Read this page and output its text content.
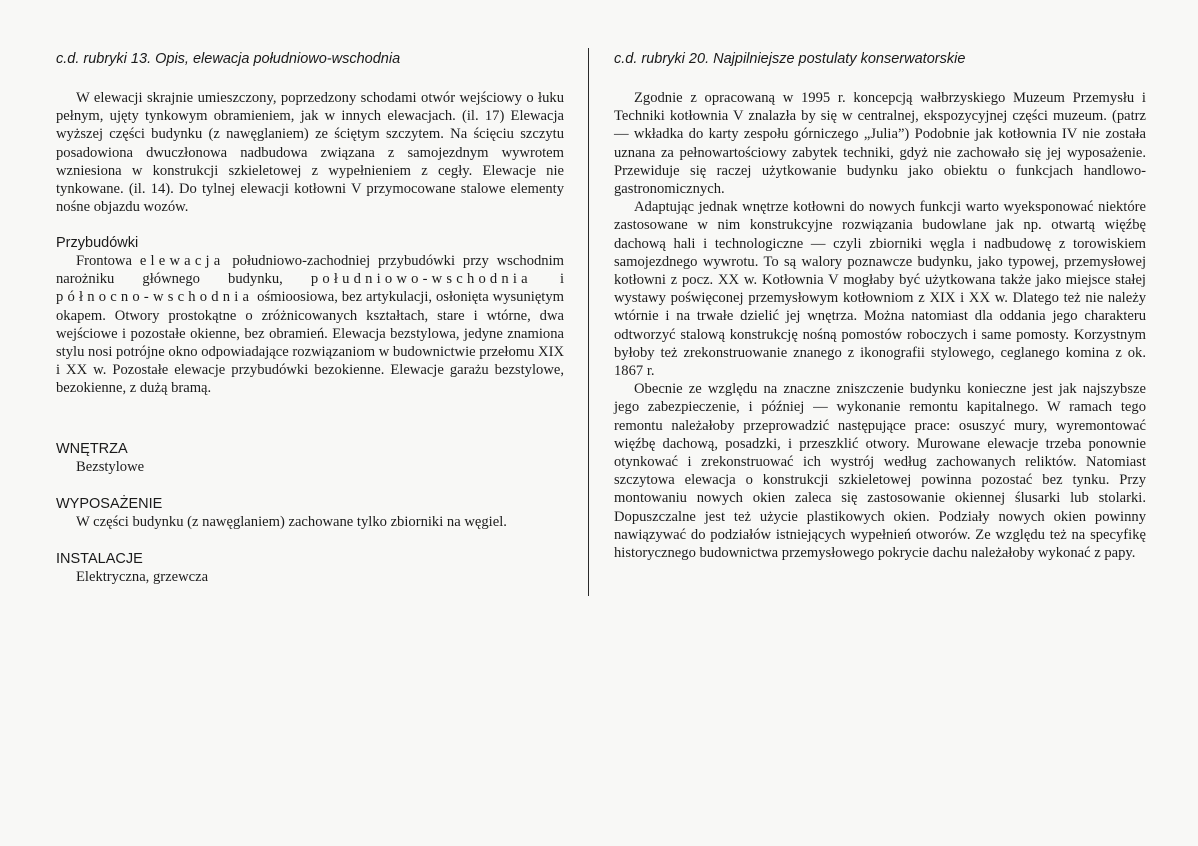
c.d. rubryki 13. Opis, elewacja południowo-wschodnia

W elewacji skrajnie umieszczony, poprzedzony schodami otwór wejściowy o łuku pełnym, ujęty tynkowym obramieniem, jak w innych elewacjach. (il. 17) Elewacja wyższej części budynku (z nawęglaniem) ze ściętym szczytem. Na ścięciu szczytu posadowiona dwuczłonowa nadbudowa związana z samojezdnym wywrotem wzniesiona w konstrukcji szkieletowej z wypełnieniem z cegły. Elewacje nie tynkowane. (il. 14). Do tylnej elewacji kotłowni V przymocowane stalowe elementy nośne objazdu wozów.

Przybudówki

Frontowa elewacja południowo-zachodniej przybudówki przy wschodnim narożniku głównego budynku, południowo-wschodnia i północno-wschodnia ośmioosiowa, bez artykulacji, osłonięta wysuniętym okapem. Otwory prostokątne o zróżnicowanych kształtach, stare i wtórne, dwa wejściowe i pozostałe okienne, bez obramień. Elewacja bezstylowa, jedyne znamiona stylu nosi potrójne okno odpowiadające rozwiązaniom w budownictwie przełomu XIX i XX w. Pozostałe elewacje przybudówki bezokienne. Elewacje garażu bezstylowe, bezokienne, z dużą bramą.

WNĘTRZA

Bezstylowe

WYPOSAŻENIE

W części budynku (z nawęglaniem) zachowane tylko zbiorniki na węgiel.

INSTALACJE

Elektryczna, grzewcza

c.d. rubryki 20. Najpilniejsze postulaty konserwatorskie

Zgodnie z opracowaną w 1995 r. koncepcją wałbrzyskiego Muzeum Przemysłu i Techniki kotłownia V znalazła by się w centralnej, ekspozycyjnej części muzeum. (patrz — wkładka do karty zespołu górniczego „Julia”) Podobnie jak kotłownia IV nie została uznana za pełnowartościowy zabytek techniki, gdyż nie zachowało się jej wyposażenie. Przewiduje się raczej użytkowanie budynku jako obiektu o funkcjach handlowo-gastronomicznych.

Adaptując jednak wnętrze kotłowni do nowych funkcji warto wyeksponować niektóre zastosowane w nim konstrukcyjne rozwiązania budowlane jak np. otwartą więźbę dachową hali i technologiczne — czyli zbiorniki węgla i nadbudowę z torowiskiem samojezdnego wywrotu. To są walory poznawcze budynku, jako typowej, przemysłowej kotłowni z pocz. XX w. Kotłownia V mogłaby być użytkowana także jako miejsce stałej wystawy poświęconej przemysłowym kotłowniom z XIX i XX w. Dlatego też nie należy wtórnie i na trwałe dzielić jej wnętrza. Można natomiast dla oddania jego charakteru odtworzyć stalową konstrukcję nośną pomostów roboczych i same pomosty. Korzystnym byłoby też zrekonstruowanie znanego z ikonografii stylowego, ceglanego komina z ok. 1867 r.

Obecnie ze względu na znaczne zniszczenie budynku konieczne jest jak najszybsze jego zabezpieczenie, i później — wykonanie remontu kapitalnego. W ramach tego remontu należałoby przeprowadzić następujące prace: osuszyć mury, wyremontować więźbę dachową, posadzki, i przeszklić otwory. Murowane elewacje trzeba ponownie otynkować i zrekonstruować ich wystrój według zachowanych reliktów. Natomiast szczytowa elewacja o konstrukcji szkieletowej powinna pozostać bez tynku. Przy montowaniu nowych okien zaleca się zastosowanie okiennej ślusarki lub stolarki. Dopuszczalne jest też użycie plastikowych okien. Podziały nowych okien powinny nawiązywać do podziałów istniejących wypełnień otworów. Ze względu też na specyfikę historycznego budownictwa przemysłowego pokrycie dachu należałoby wykonać z papy.
